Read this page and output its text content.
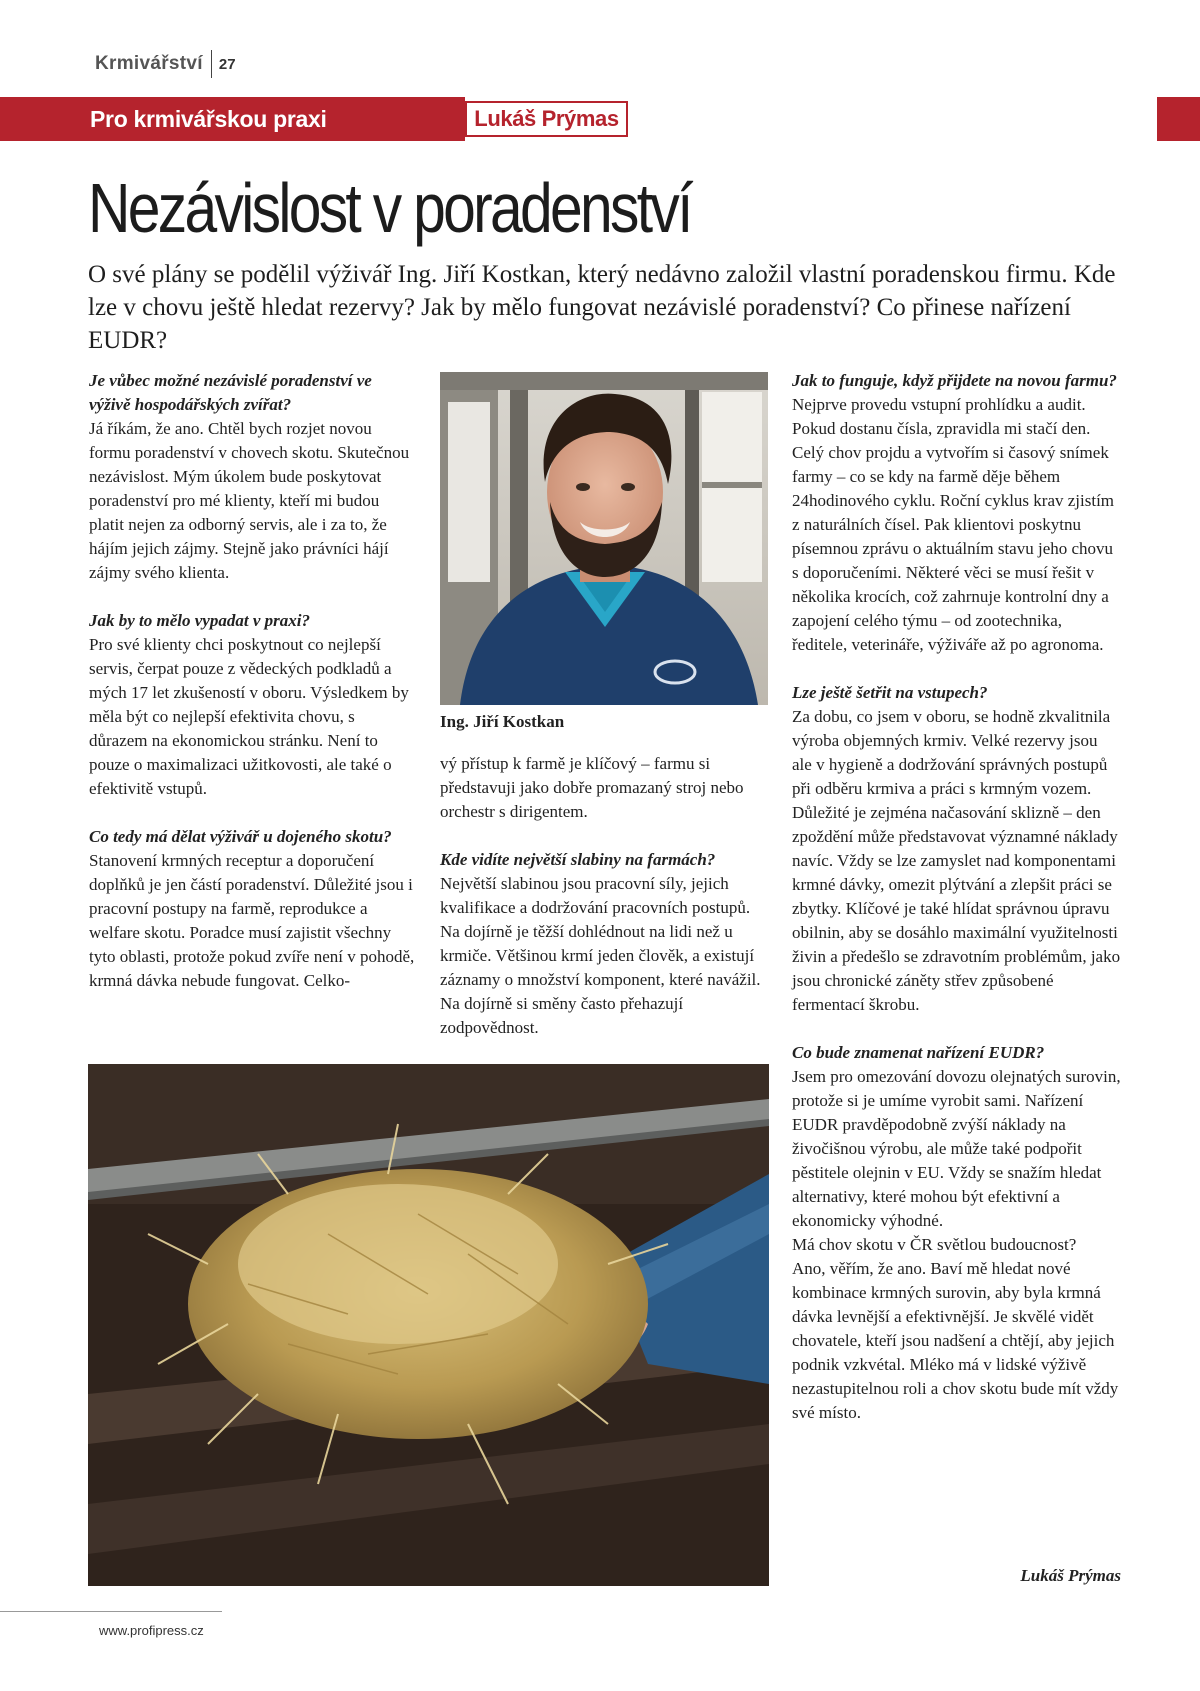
Krmivářství 27
Pro krmivářskou praxi	Lukáš Prýmas
Nezávislost v poradenství

O své plány se podělil výživář Ing. Jiří Kostkan, který nedávno založil vlastní poradenskou firmu. Kde lze v chovu ještě hledat rezervy? Jak by mělo fungovat nezávislé poradenství? Co přinese nařízení EUDR?

Je vůbec možné nezávislé poradenství ve výživě hospodářských zvířat?

Já říkám, že ano. Chtěl bych rozjet novou formu poradenství v chovech skotu. Skutečnou nezávislost. Mým úkolem bude poskytovat poradenství pro mé klienty, kteří mi budou platit nejen za odborný servis, ale i za to, že hájím jejich zájmy. Stejně jako právníci hájí zájmy svého klienta.

Jak by to mělo vypadat v praxi?

Pro své klienty chci poskytnout co nejlepší servis, čerpat pouze z vědeckých podkladů a mých 17 let zkušeností v oboru. Výsledkem by měla být co nejlepší efektivita chovu, s důrazem na ekonomickou stránku. Není to pouze o maximalizaci užitkovosti, ale také o efektivitě vstupů.

Co tedy má dělat výživář u dojeného skotu?

Stanovení krmných receptur a doporučení doplňků je jen částí poradenství. Důležité jsou i pracovní postupy na farmě, reprodukce a welfare skotu. Poradce musí zajistit všechny tyto oblasti, protože pokud zvíře není v pohodě, krmná dávka nebude fungovat. Celko-

Ing. Jiří Kostkan

vý přístup k farmě je klíčový – farmu si představuji jako dobře promazaný stroj nebo orchestr s dirigentem.

Kde vidíte největší slabiny na farmách?

Největší slabinou jsou pracovní síly, jejich kvalifikace a dodržování pracovních postupů. Na dojírně je těžší dohlédnout na lidi než u krmiče. Většinou krmí jeden člověk, a existují záznamy o množství komponent, které navážil. Na dojírně si směny často přehazují zodpovědnost.

Jak to funguje, když přijdete na novou farmu?

Nejprve provedu vstupní prohlídku a audit. Pokud dostanu čísla, zpravidla mi stačí den. Celý chov projdu a vytvořím si časový snímek farmy – co se kdy na farmě děje během 24hodinového cyklu. Roční cyklus krav zjistím z naturálních čísel. Pak klientovi poskytnu písemnou zprávu o aktuálním stavu jeho chovu s doporučeními. Některé věci se musí řešit v několika krocích, což zahrnuje kontrolní dny a zapojení celého týmu – od zootechnika, ředitele, veterináře, výživáře až po agronoma.

Lze ještě šetřit na vstupech?

Za dobu, co jsem v oboru, se hodně zkvalitnila výroba objemných krmiv. Velké rezervy jsou ale v hygieně a dodržování správných postupů při odběru krmiva a práci s krmným vozem. Důležité je zejména načasování sklizně – den zpoždění může představovat významné náklady navíc. Vždy se lze zamyslet nad komponentami krmné dávky, omezit plýtvání a zlepšit práci se zbytky. Klíčové je také hlídat správnou úpravu obilnin, aby se dosáhlo maximální využitelnosti živin a předešlo se zdravotním problémům, jako jsou chronické záněty střev způsobené fermentací škrobu.

Co bude znamenat nařízení EUDR?

Jsem pro omezování dovozu olejnatých surovin, protože si je umíme vyrobit sami. Nařízení EUDR pravděpodobně zvýší náklady na živočišnou výrobu, ale může také podpořit pěstitele olejnin v EU. Vždy se snažím hledat alternativy, které mohou být efektivní a ekonomicky výhodné.

Má chov skotu v ČR světlou budoucnost?

Ano, věřím, že ano. Baví mě hledat nové kombinace krmných surovin, aby byla krmná dávka levnější a efektivnější. Je skvělé vidět chovatele, kteří jsou nadšení a chtějí, aby jejich podnik vzkvétal. Mléko má v lidské výživě nezastupitelnou roli a chov skotu bude mít vždy své místo.

Lukáš Prýmas
www.profipress.cz
